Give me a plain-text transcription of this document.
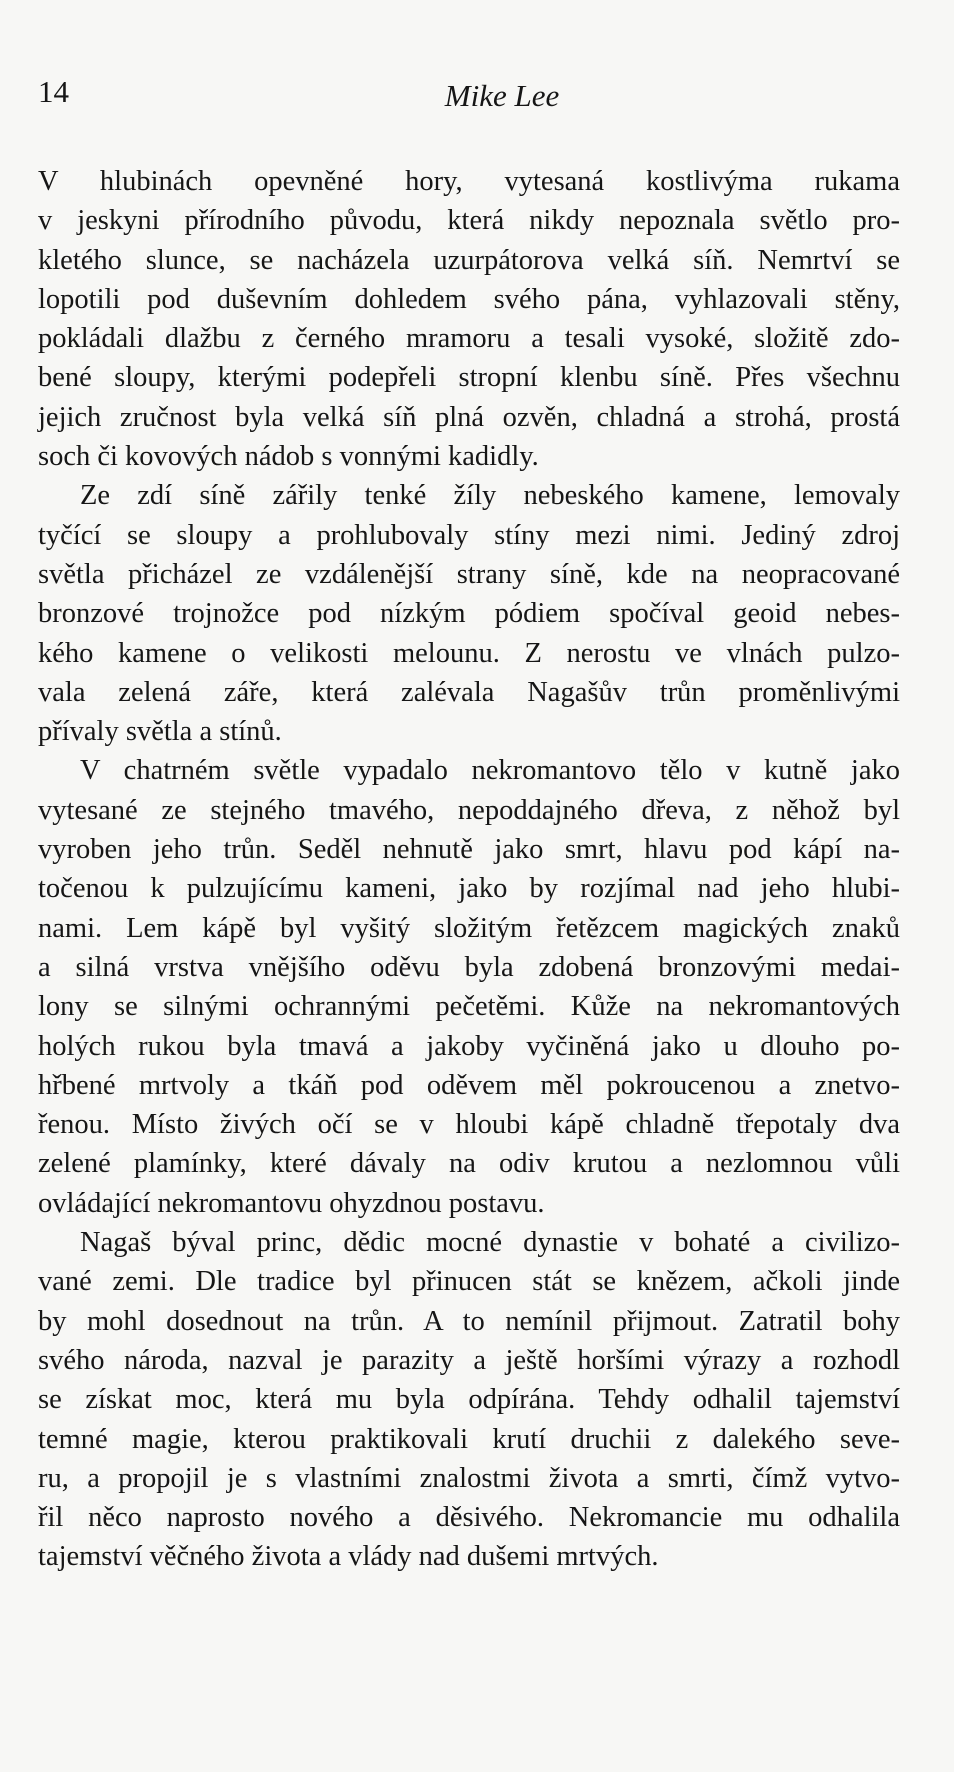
14	Mike Lee
V hlubinách opevněné hory, vytesaná kostlivýma rukama
v jeskyni přírodního původu, která nikdy nepoznala světlo pro-
kletého slunce, se nacházela uzurpátorova velká síň. Nemrtví se
lopotili pod duševním dohledem svého pána, vyhlazovali stěny,
pokládali dlažbu z černého mramoru a tesali vysoké, složitě zdo-
bené sloupy, kterými podepřeli stropní klenbu síně. Přes všechnu
jejich zručnost byla velká síň plná ozvěn, chladná a strohá, prostá
soch či kovových nádob s vonnými kadidly.
Ze zdí síně zářily tenké žíly nebeského kamene, lemovaly
tyčící se sloupy a prohlubovaly stíny mezi nimi. Jediný zdroj
světla přicházel ze vzdálenější strany síně, kde na neopracované
bronzové trojnožce pod nízkým pódiem spočíval geoid nebes-
kého kamene o velikosti melounu. Z nerostu ve vlnách pulzo-
vala zelená záře, která zalévala Nagašův trůn proměnlivými
přívaly světla a stínů.
V chatrném světle vypadalo nekromantovo tělo v kutně jako
vytesané ze stejného tmavého, nepoddajného dřeva, z něhož byl
vyroben jeho trůn. Seděl nehnutě jako smrt, hlavu pod kápí na-
točenou k pulzujícímu kameni, jako by rozjímal nad jeho hlubi-
nami. Lem kápě byl vyšitý složitým řetězcem magických znaků
a silná vrstva vnějšího oděvu byla zdobená bronzovými medai-
lony se silnými ochrannými pečetěmi. Kůže na nekromantových
holých rukou byla tmavá a jakoby vyčiněná jako u dlouho po-
hřbené mrtvoly a tkáň pod oděvem měl pokroucenou a znetvo-
řenou. Místo živých očí se v hloubi kápě chladně třepotaly dva
zelené plamínky, které dávaly na odiv krutou a nezlomnou vůli
ovládající nekromantovu ohyzdnou postavu.
Nagaš býval princ, dědic mocné dynastie v bohaté a civilizo-
vané zemi. Dle tradice byl přinucen stát se knězem, ačkoli jinde
by mohl dosednout na trůn. A to nemínil přijmout. Zatratil bohy
svého národa, nazval je parazity a ještě horšími výrazy a rozhodl
se získat moc, která mu byla odpírána. Tehdy odhalil tajemství
temné magie, kterou praktikovali krutí druchii z dalekého seve-
ru, a propojil je s vlastními znalostmi života a smrti, čímž vytvo-
řil něco naprosto nového a děsivého. Nekromancie mu odhalila
tajemství věčného života a vlády nad dušemi mrtvých.
